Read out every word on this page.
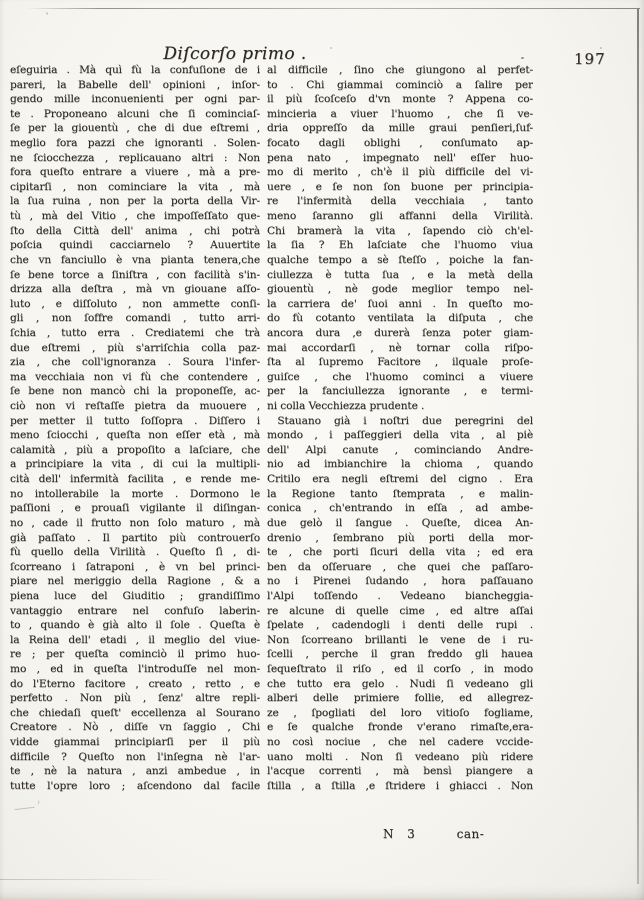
Diſcorſo primo .	197
eſeguiria . Mà quì fù la confuſione de i
pareri, la Babelle dell' opinioni , inſor-
gendo mille inconuenienti per ogni par-
te . Proponeano alcuni che ſi cominciaſ-
ſe per la giouentù , che di due eſtremi ,
meglio fora pazzi che ignoranti . Solen-
ne ſciocchezza , replicauano altri : Non
fora queſto entrare a viuere , mà a pre-
cipitarſi , non cominciare la vita , mà
la ſua ruina , non per la porta della Vir-
tù , mà del Vitio , che impoſſeſſato que-
ſto della Città dell' anima , chi potrà
poſcia quindi cacciarnelo ? Auuertite
che vn fanciullo è vna pianta tenera,che
ſe bene torce a ſiniſtra , con facilità s'in-
drizza alla deſtra , mà vn giouane aſſo-
luto , e diſſoluto , non ammette conſi-
gli , non ſoffre comandi , tutto arri-
ſchia , tutto erra . Crediatemi che trà
due eſtremi , più s'arriſchia colla paz-
zia , che coll'ignoranza . Soura l'infer-
ma vecchiaia non vi fù che contendere ,
ſe bene non mancò chi la proponeſſe, ac-
ciò non vi reſtaſſe pietra da muouere ,
per metter il tutto ſoſſopra . Diſſero i
meno ſciocchi , queſta non eſſer età , mà
calamità , più a propoſito a laſciare, che
a principiare la vita , di cui la multipli-
cità dell' infermità facilita , e rende me-
no intollerabile la morte . Dormono le
paſſioni , e prouaſi vigilante il diſingan-
no , cade il frutto non ſolo maturo , mà
già paſſato . Il partito più controuerſo
fù quello della Virilità . Queſto ſì , di-
ſcorreano i ſatraponi , è vn bel princi-
piare nel meriggio della Ragione , & a
piena luce del Giuditio ; grandiſſimo
vantaggio entrare nel confuſo laberin-
to , quando è già alto il ſole . Queſta è
la Reina dell' etadi , il meglio del viue-
re ; per queſta cominciò il primo huo-
mo , ed in queſta l'introduſſe nel mon-
do l'Eterno facitore , creato , retto , e
perfetto . Non più , ſenz' altre repli-
che chiedaſi queſt' eccellenza al Sourano
Creatore . Nò , diſſe vn ſaggio , Chi
vidde giammai principiarſi per il più
difficile ? Queſto non l'inſegna nè l'ar-
te , nè la natura , anzi ambedue , in
tutte l'opre loro ; aſcendono dal facile
al difficile , ſino che giungono al perfet-
to . Chi giammai cominciò a ſalire per
il più ſcoſceſo d'vn monte ? Appena co-
mincieria a viuer l'huomo , che ſi ve-
dria oppreſſo da mille graui penſieri,ſuf-
focato dagli oblighi , conſumato ap-
pena nato , impegnato nell' eſſer huo-
mo di merito , ch'è il più difficile del vi-
uere , e ſe non ſon buone per principia-
re l'infermità della vecchiaia , tanto
meno ſaranno gli affanni della Virilità.
Chi bramerà la vita , ſapendo ciò ch'el-
la ſia ? Eh laſciate che l'huomo viua
qualche tempo a sè ſteſſo , poiche la fan-
ciullezza è tutta ſua , e la metà della
giouentù , nè gode meglior tempo nel-
la carriera de' ſuoi anni . In queſto mo-
do fù cotanto ventilata la diſputa , che
ancora dura ,e durerà ſenza poter giam-
mai accordarſi , nè tornar colla riſpo-
ſta al ſupremo Facitore , ilquale proſe-
guiſce , che l'huomo cominci a viuere
per la fanciullezza ignorante , e termi-
ni colla Vecchiezza prudente .
  Stauano già i noſtri due peregrini del
mondo , i paſſeggieri della vita , al piè
dell' Alpi canute , cominciando Andre-
nio ad imbianchire la chioma , quando
Critilo era negli eſtremi del cigno . Era
la Regione tanto ſtemprata , e malin-
conica , ch'entrando in eſſa , ad ambe-
due gelò il ſangue . Queſte, dicea An-
drenio , ſembrano più porti della mor-
te , che porti ſicuri della vita ; ed era
ben da oſſeruare , che quei che paſſaro-
no i Pirenei ſudando , hora paſſauano
l'Alpi toſſendo . Vedeano biancheggia-
re alcune di quelle cime , ed altre aſſai
ſpelate , cadendogli i denti delle rupi .
Non ſcorreano brillanti le vene de i ru-
ſcelli , perche il gran freddo gli hauea
ſequeſtrato il riſo , ed il corſo , in modo
che tutto era gelo . Nudi ſi vedeano gli
alberi delle primiere follie, ed allegrez-
ze , ſpogliati del loro vitioſo fogliame,
e ſe qualche fronde v'erano rimaſte,era-
no così nociue , che nel cadere vccide-
uano molti . Non ſi vedeano più ridere
l'acque correnti , mà bensì piangere a
ſtilla , a ſtilla ,e ſtridere i ghiacci . Non
N  3	can-
